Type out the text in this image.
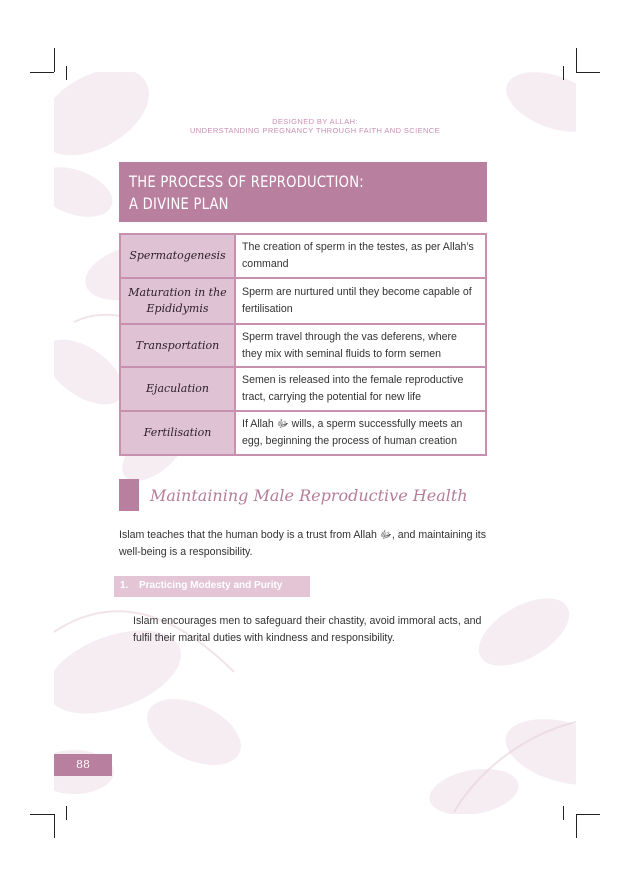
DESIGNED BY ALLAH:
UNDERSTANDING PREGNANCY THROUGH FAITH AND SCIENCE
THE PROCESS OF REPRODUCTION:
A DIVINE PLAN
Spermatogenesis	The creation of sperm in the testes, as per Allah’s command
Maturation in the Epididymis	Sperm are nurtured until they become capable of fertilisation
Transportation	Sperm travel through the vas deferens, where they mix with seminal fluids to form semen
Ejaculation	Semen is released into the female reproductive tract, carrying the potential for new life
Fertilisation	If Allah ﷻ wills, a sperm successfully meets an egg, beginning the process of human creation
Maintaining Male Reproductive Health
Islam teaches that the human body is a trust from Allah ﷻ, and maintaining its well-being is a responsibility.
1. Practicing Modesty and Purity
Islam encourages men to safeguard their chastity, avoid immoral acts, and fulfil their marital duties with kindness and responsibility.
88
